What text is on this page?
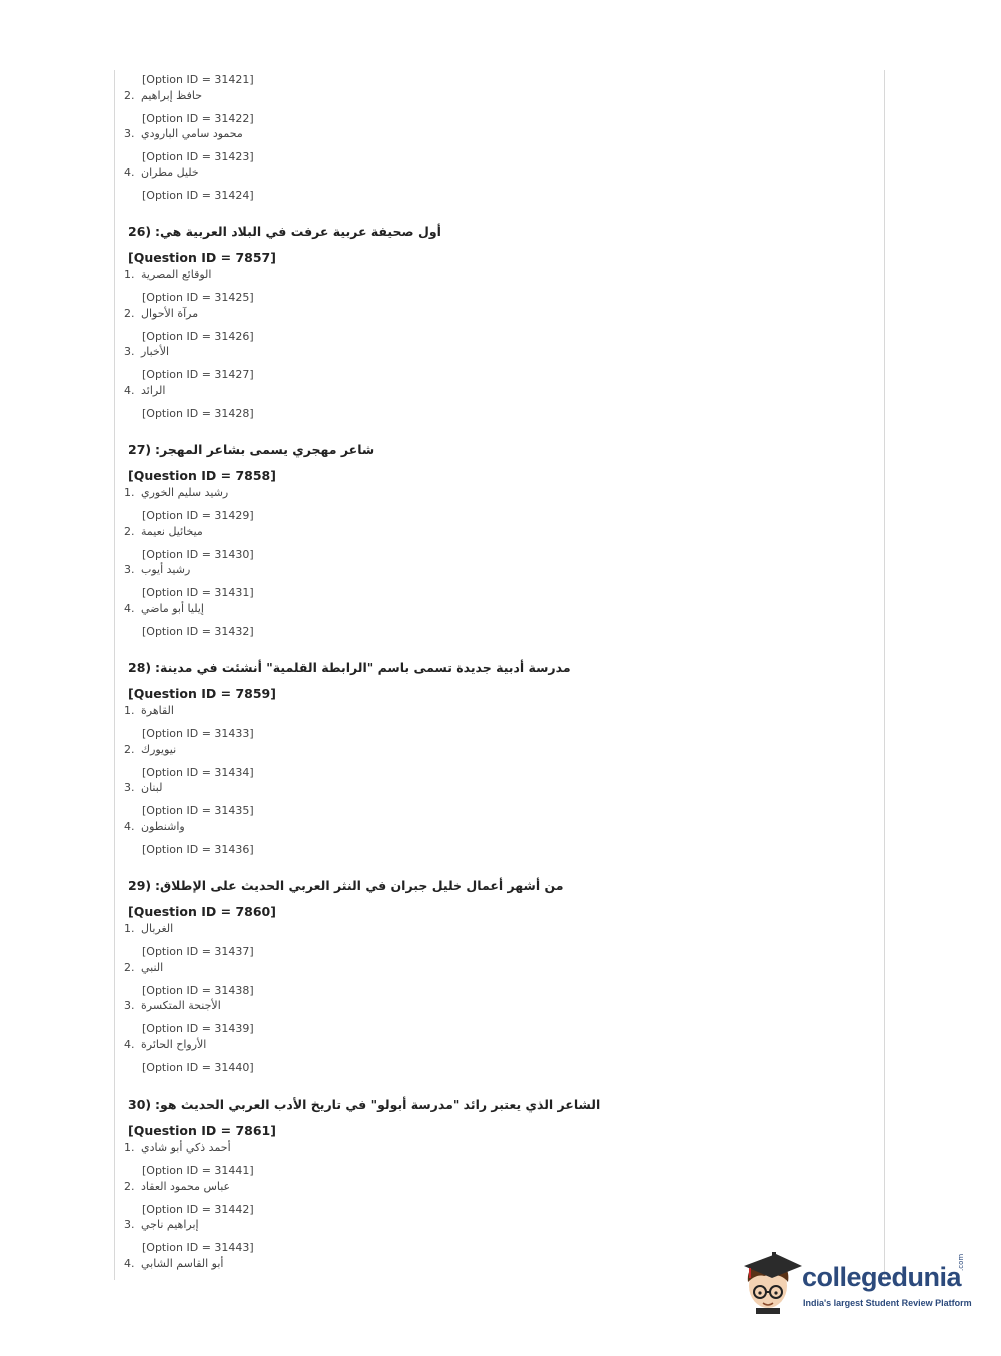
[Option ID = 31421]
2. حافظ إبراهيم
[Option ID = 31422]
3. محمود سامي البارودي
[Option ID = 31423]
4. خليل مطران
[Option ID = 31424]
26) أول صحيفة عربية عرفت في البلاد العربية هي:
[Question ID = 7857]
1. الوقائع المصرية
[Option ID = 31425]
2. مرآة الأحوال
[Option ID = 31426]
3. الأخبار
[Option ID = 31427]
4. الرائد
[Option ID = 31428]
27) شاعر مهجري يسمى بشاعر المهجر:
[Question ID = 7858]
1. رشيد سليم الخوري
[Option ID = 31429]
2. ميخائيل نعيمة
[Option ID = 31430]
3. رشيد أيوب
[Option ID = 31431]
4. إيليا أبو ماضي
[Option ID = 31432]
28) مدرسة أدبية جديدة تسمى باسم "الرابطة القلمية" أنشئت في مدينة:
[Question ID = 7859]
1. القاهرة
[Option ID = 31433]
2. نيويورك
[Option ID = 31434]
3. لبنان
[Option ID = 31435]
4. واشنطون
[Option ID = 31436]
29) من أشهر أعمال خليل جبران في النثر العربي الحديث على الإطلاق:
[Question ID = 7860]
1. الغربال
[Option ID = 31437]
2. النبي
[Option ID = 31438]
3. الأجنحة المتكسرة
[Option ID = 31439]
4. الأرواح الحائرة
[Option ID = 31440]
30) الشاعر الذي يعتبر رائد "مدرسة أبولو" في تاريخ الأدب العربي الحديث هو:
[Question ID = 7861]
1. أحمد ذكي أبو شادي
[Option ID = 31441]
2. عباس محمود العقاد
[Option ID = 31442]
3. إبراهيم ناجي
[Option ID = 31443]
4. أبو القاسم الشابي	collegedunia
.com
India's largest Student Review Platform
